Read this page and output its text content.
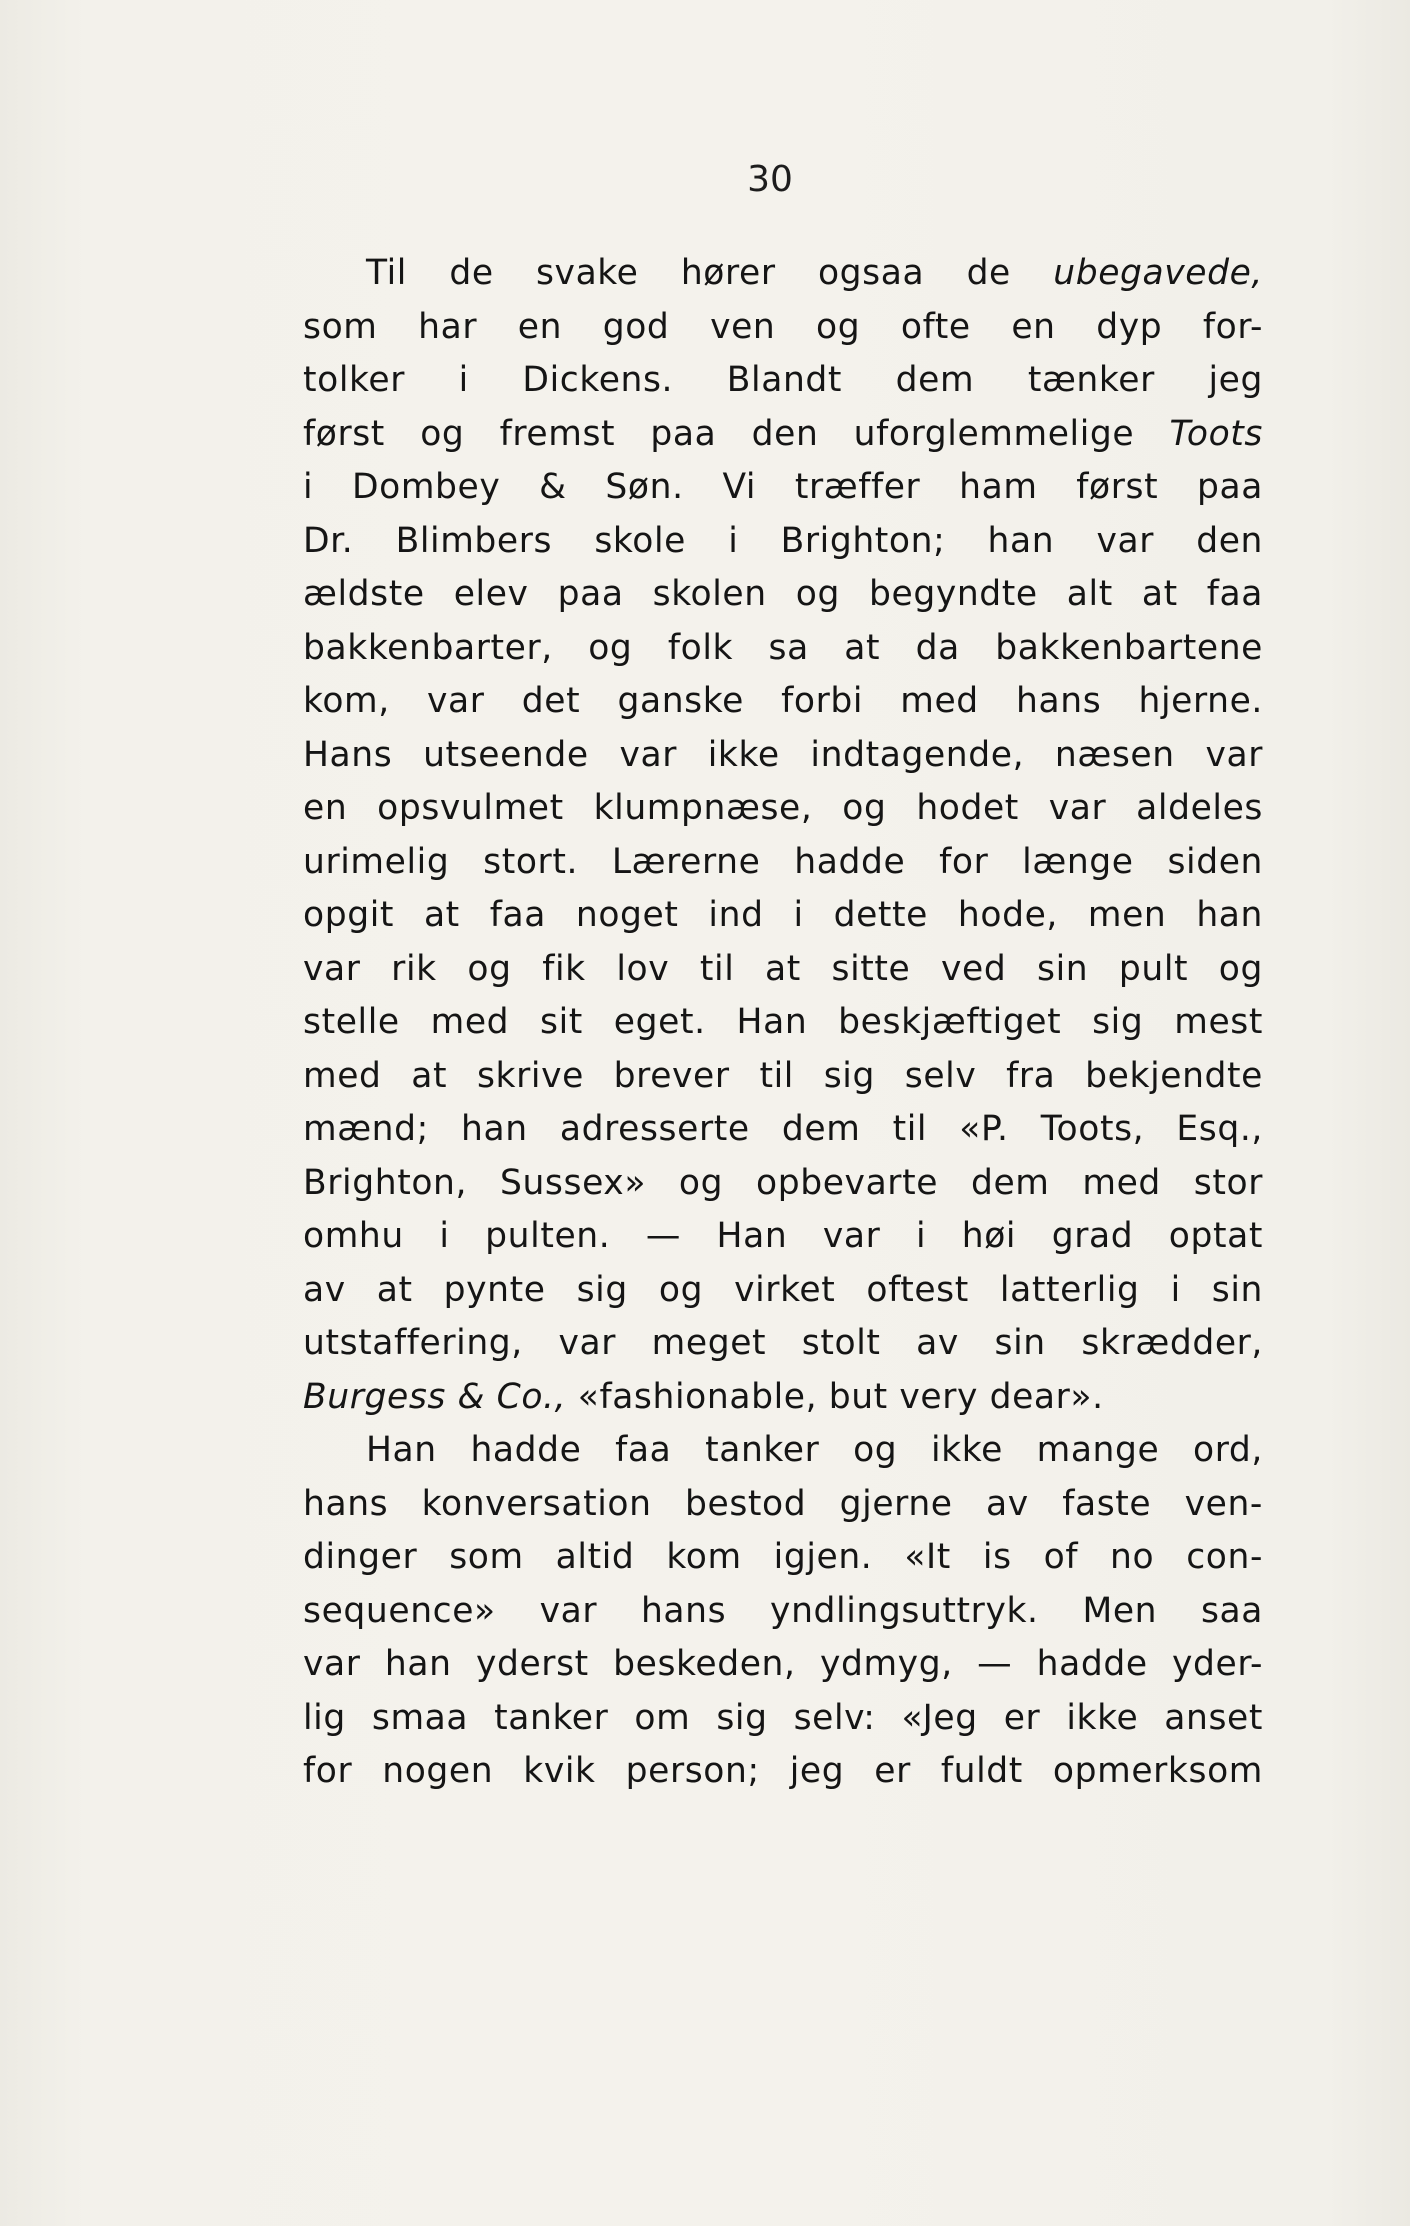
30
Til de svake hører ogsaa de ubegavede,
som har en god ven og ofte en dyp for-
tolker i Dickens. Blandt dem tænker jeg
først og fremst paa den uforglemmelige Toots
i Dombey & Søn. Vi træffer ham først paa
Dr. Blimbers skole i Brighton; han var den
ældste elev paa skolen og begyndte alt at faa
bakkenbarter, og folk sa at da bakkenbartene
kom, var det ganske forbi med hans hjerne.
Hans utseende var ikke indtagende, næsen var
en opsvulmet klumpnæse, og hodet var aldeles
urimelig stort. Lærerne hadde for længe siden
opgit at faa noget ind i dette hode, men han
var rik og fik lov til at sitte ved sin pult og
stelle med sit eget. Han beskjæftiget sig mest
med at skrive brever til sig selv fra bekjendte
mænd; han adresserte dem til «P. Toots, Esq.,
Brighton, Sussex» og opbevarte dem med stor
omhu i pulten. — Han var i høi grad optat
av at pynte sig og virket oftest latterlig i sin
utstaffering, var meget stolt av sin skrædder,
Burgess & Co., «fashionable, but very dear».
Han hadde faa tanker og ikke mange ord,
hans konversation bestod gjerne av faste ven-
dinger som altid kom igjen. «It is of no con-
sequence» var hans yndlingsuttryk. Men saa
var han yderst beskeden, ydmyg, — hadde yder-
lig smaa tanker om sig selv: «Jeg er ikke anset
for nogen kvik person; jeg er fuldt opmerksom
